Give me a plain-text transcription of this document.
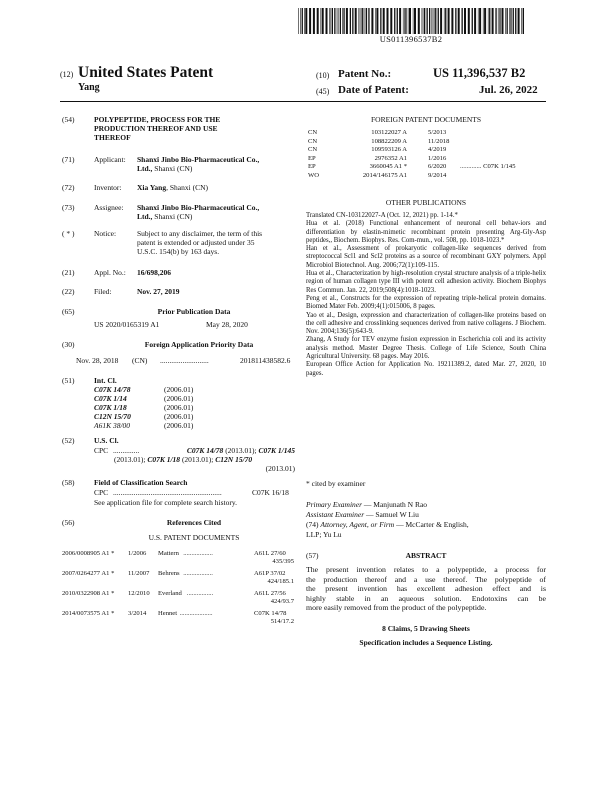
US011396537B2
(12) United States Patent
Yang
(10) Patent No.:	US 11,396,537 B2
(45) Date of Patent:	Jul. 26, 2022
(54)	POLYPEPTIDE, PROCESS FOR THE
PRODUCTION THEREOF AND USE
THEREOF
(71)	Applicant: Shanxi Jinbo Bio-Pharmaceutical Co.,
Ltd., Shanxi (CN)
(72)	Inventor: Xia Yang, Shanxi (CN)
(73)	Assignee: Shanxi Jinbo Bio-Pharmaceutical Co.,
Ltd., Shanxi (CN)
( * )	Notice:	Subject to any disclaimer, the term of this
patent is extended or adjusted under 35
U.S.C. 154(b) by 163 days.
(21)	Appl. No.: 16/698,206
(22)	Filed:	Nov. 27, 2019
(65)	Prior Publication Data
US 2020/0165319 A1	May 28, 2020
(30)	Foreign Application Priority Data
Nov. 28, 2018 (CN) ..........................	201811438582.6
(51)	Int. Cl.
C07K 14/78	(2006.01)
C07K 1/14	(2006.01)
C07K 1/18	(2006.01)
C12N 15/70	(2006.01)
A61K 38/00	(2006.01)
(52)	U.S. Cl.
CPC ..............	C07K 14/78 (2013.01); C07K 1/145
(2013.01); C07K 1/18 (2013.01); C12N 15/70
(2013.01)
(58)	Field of Classification Search
CPC ..........................................................	C07K 16/18
See application file for complete search history.
(56)	References Cited
U.S. PATENT DOCUMENTS
2006/0008905 A1 * 1/2006 Mattern ..................	A61L 27/60
435/395
2007/0264277 A1 * 11/2007 Behrens ..................	A61P 37/02
424/185.1
2010/0322908 A1 * 12/2010 Everland ................	A61L 27/56
424/93.7
2014/0073575 A1 * 3/2014 Hennet ....................	C07K 14/78
514/17.2
FOREIGN PATENT DOCUMENTS
CN	103122027 A	5/2013
CN	108822209 A	11/2018
CN	109593126 A	4/2019
EP	2976352 A1	1/2016
EP	3660045 A1 *	6/2020 ............. C07K 1/145
WO	2014/146175 A1	9/2014
OTHER PUBLICATIONS
Translated CN-103122027-A (Oct. 12, 2021) pp. 1-14.*
Hua et al. (2018) Functional enhancement of neuronal cell behav-iors and differentiation by elastin-mimetic recombinant protein presenting Arg-Gly-Asp peptides,, Biochem. Biophys. Res. Com-mun., vol. 508, pp. 1018-1023.*
Han et al., Assessment of prokaryotic collagen-like sequences derived from streptococcal Scl1 and Scl2 proteins as a source of recombinant GXY polymers. Appl Microbiol Biotechnol. Aug. 2006;72(1):109-115.
Hua et al., Characterization by high-resolution crystal structure analysis of a triple-helix region of human collagen type III with potent cell adhesion activity. Biochem Biophys Res Commun. Jan. 22, 2019;508(4):1018-1023.
Peng et al., Constructs for the expression of repeating triple-helical protein domains. Biomed Mater Feb. 2009;4(1):015006, 8 pages.
Yao et al., Design, expression and characterization of collagen-like proteins based on the cell adhesive and crosslinking sequences derived from native collagens. J Biochem. Nov. 2004;136(5):643-9.
Zhang, A Study for TEV enzyme fusion expression in Escherichia coli and its activity analysis method. Master Degree Thesis. College of Life Science, South China Agricultural University. 68 pages. May 2016.
European Office Action for Application No. 19211389.2, dated Mar. 27, 2020, 10 pages.
* cited by examiner
Primary Examiner — Manjunath N Rao
Assistant Examiner — Samuel W Liu
(74) Attorney, Agent, or Firm — McCarter & English,
LLP; Yu Lu
(57)	ABSTRACT
The present invention relates to a polypeptide, a process for
the production thereof and a use thereof. The polypeptide of
the present invention has excellent adhesion effect and is
highly stable in an aqueous solution. Endotoxins can be
more easily removed from the product of the polypeptide.
8 Claims, 5 Drawing Sheets
Specification includes a Sequence Listing.
